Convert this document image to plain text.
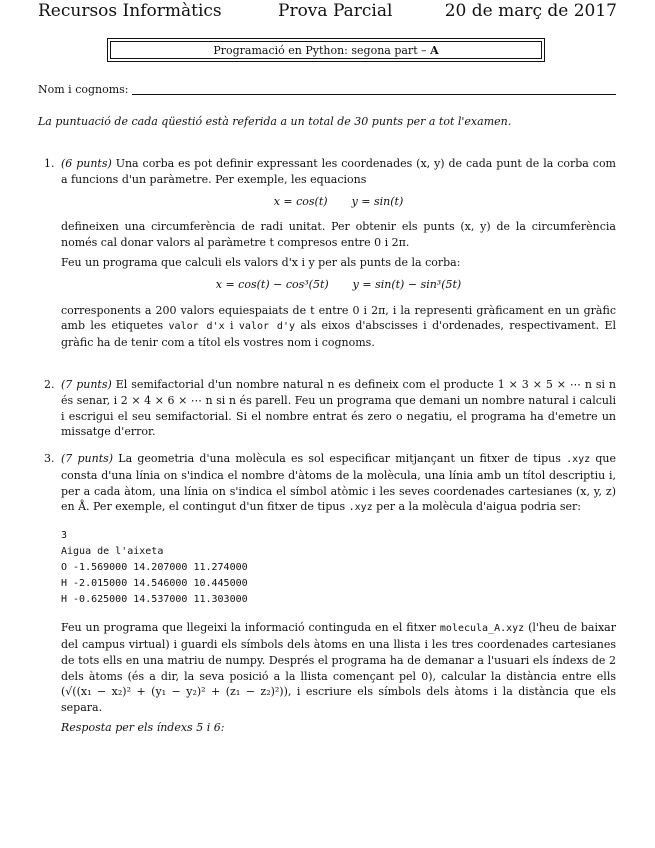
Recursos Informàtics	Prova Parcial	20 de març de 2017
Programació en Python: segona part – A
Nom i cognoms:
La puntuació de cada qüestió està referida a un total de 30 punts per a tot l'examen.
1. (6 punts) Una corba es pot definir expressant les coordenades (x, y) de cada punt de la corba com a funcions d'un paràmetre. Per exemple, les equacions

x = cos(t) y = sin(t)

defineixen una circumferència de radi unitat. Per obtenir els punts (x, y) de la circumferència només cal donar valors al paràmetre t compresos entre 0 i 2π.

Feu un programa que calculi els valors d'x i y per als punts de la corba:

x = cos(t) − cos³(5t) y = sin(t) − sin³(5t)

corresponents a 200 valors equiespaiats de t entre 0 i 2π, i la representi gràficament en un gràfic amb les etiquetes valor d'x i valor d'y als eixos d'abscisses i d'ordenades, respectivament. El gràfic ha de tenir com a títol els vostres nom i cognoms.

2. (7 punts) El semifactorial d'un nombre natural n es defineix com el producte 1 × 3 × 5 × ⋯ n si n és senar, i 2 × 4 × 6 × ⋯ n si n és parell. Feu un programa que demani un nombre natural i calculi i escrigui el seu semifactorial. Si el nombre entrat és zero o negatiu, el programa ha d'emetre un missatge d'error.

3. (7 punts) La geometria d'una molècula es sol especificar mitjançant un fitxer de tipus .xyz que consta d'una línia on s'indica el nombre d'àtoms de la molècula, una línia amb un títol descriptiu i, per a cada àtom, una línia on s'indica el símbol atòmic i les seves coordenades cartesianes (x, y, z) en Å. Per exemple, el contingut d'un fitxer de tipus .xyz per a la molècula d'aigua podria ser:

3
Aigua de l'aixeta
O -1.569000 14.207000 11.274000
H -2.015000 14.546000 10.445000
H -0.625000 14.537000 11.303000

Feu un programa que llegeixi la informació continguda en el fitxer molecula_A.xyz (l'heu de baixar del campus virtual) i guardi els símbols dels àtoms en una llista i les tres coordenades cartesianes de tots ells en una matriu de numpy. Després el programa ha de demanar a l'usuari els índexs de 2 dels àtoms (és a dir, la seva posició a la llista començant pel 0), calcular la distància entre ells (√((x₁ − x₂)² + (y₁ − y₂)² + (z₁ − z₂)²)), i escriure els símbols dels àtoms i la distància que els separa.

Resposta per els índexs 5 i 6:
